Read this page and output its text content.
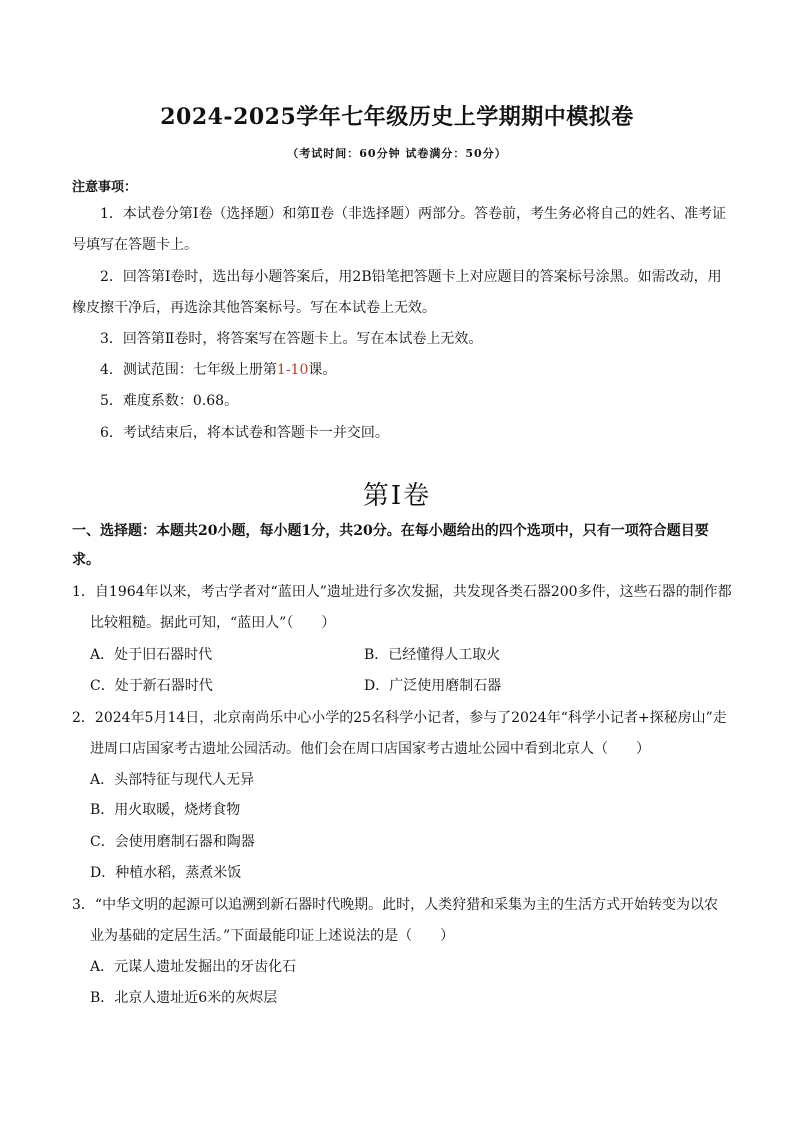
2024-2025学年七年级历史上学期期中模拟卷
（考试时间：60分钟 试卷满分：50分）
注意事项：
1．本试卷分第Ⅰ卷（选择题）和第Ⅱ卷（非选择题）两部分。答卷前，考生务必将自己的姓名、准考证号填写在答题卡上。
2．回答第Ⅰ卷时，选出每小题答案后，用2B铅笔把答题卡上对应题目的答案标号涂黑。如需改动，用橡皮擦干净后，再选涂其他答案标号。写在本试卷上无效。
3．回答第Ⅱ卷时，将答案写在答题卡上。写在本试卷上无效。
4．测试范围：七年级上册第1-10课。
5．难度系数：0.68。
6．考试结束后，将本试卷和答题卡一并交回。
第Ⅰ卷
一、选择题：本题共20小题，每小题1分，共20分。在每小题给出的四个选项中，只有一项符合题目要求。
1．自1964年以来，考古学者对“蓝田人”遗址进行多次发掘，共发现各类石器200多件，这些石器的制作都比较粗糙。据此可知，“蓝田人”（　　）
A．处于旧石器时代	B．已经懂得人工取火
C．处于新石器时代	D．广泛使用磨制石器
2．2024年5月14日，北京南尚乐中心小学的25名科学小记者，参与了2024年“科学小记者+探秘房山”走进周口店国家考古遗址公园活动。他们会在周口店国家考古遗址公园中看到北京人（　　）
A．头部特征与现代人无异
B．用火取暖，烧烤食物
C．会使用磨制石器和陶器
D．种植水稻，蒸煮米饭
3．“中华文明的起源可以追溯到新石器时代晚期。此时，人类狩猎和采集为主的生活方式开始转变为以农业为基础的定居生活。”下面最能印证上述说法的是（　　）
A．元谋人遗址发掘出的牙齿化石
B．北京人遗址近6米的灰烬层
